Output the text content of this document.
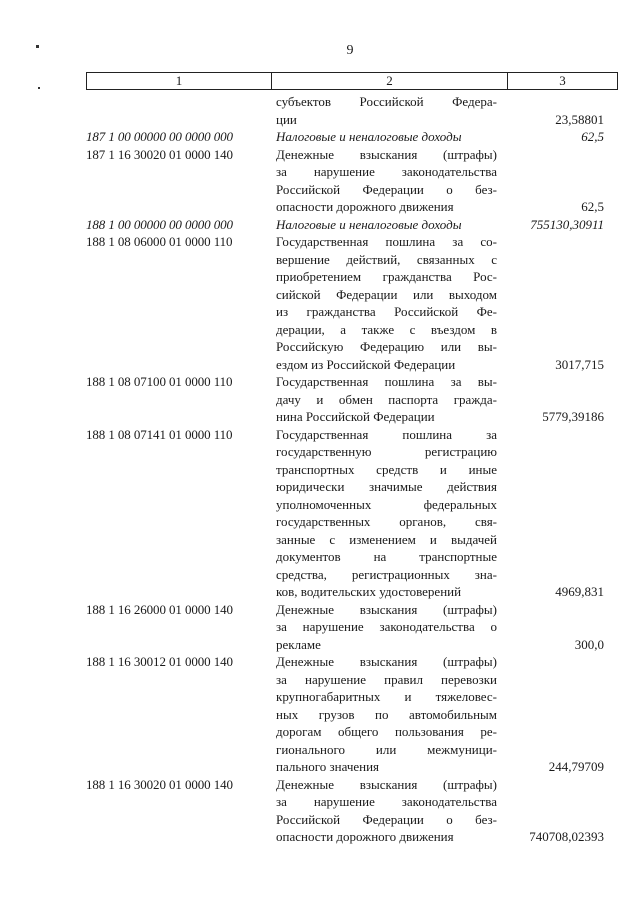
9
1	2	3
субъектов Российской Федера-
ции	23,58801
187 1 00 00000 00 0000 000	Налоговые и неналоговые доходы	62,5
187 1 16 30020 01 0000 140	Денежные взыскания (штрафы)
за нарушение законодательства
Российской Федерации о без-
опасности дорожного движения	62,5
188 1 00 00000 00 0000 000	Налоговые и неналоговые доходы	755130,30911
188 1 08 06000 01 0000 110	Государственная пошлина за со-
вершение действий, связанных с
приобретением гражданства Рос-
сийской Федерации или выходом
из гражданства Российской Фе-
дерации, а также с въездом в
Российскую Федерацию или вы-
ездом из Российской Федерации	3017,715
188 1 08 07100 01 0000 110	Государственная пошлина за вы-
дачу и обмен паспорта гражда-
нина Российской Федерации	5779,39186
188 1 08 07141 01 0000 110	Государственная пошлина за
государственную регистрацию
транспортных средств и иные
юридически значимые действия
уполномоченных федеральных
государственных органов, свя-
занные с изменением и выдачей
документов на транспортные
средства, регистрационных зна-
ков, водительских удостоверений	4969,831
188 1 16 26000 01 0000 140	Денежные взыскания (штрафы)
за нарушение законодательства о
рекламе	300,0
188 1 16 30012 01 0000 140	Денежные взыскания (штрафы)
за нарушение правил перевозки
крупногабаритных и тяжеловес-
ных грузов по автомобильным
дорогам общего пользования ре-
гионального или межмуници-
пального значения	244,79709
188 1 16 30020 01 0000 140	Денежные взыскания (штрафы)
за нарушение законодательства
Российской Федерации о без-
опасности дорожного движения	740708,02393
